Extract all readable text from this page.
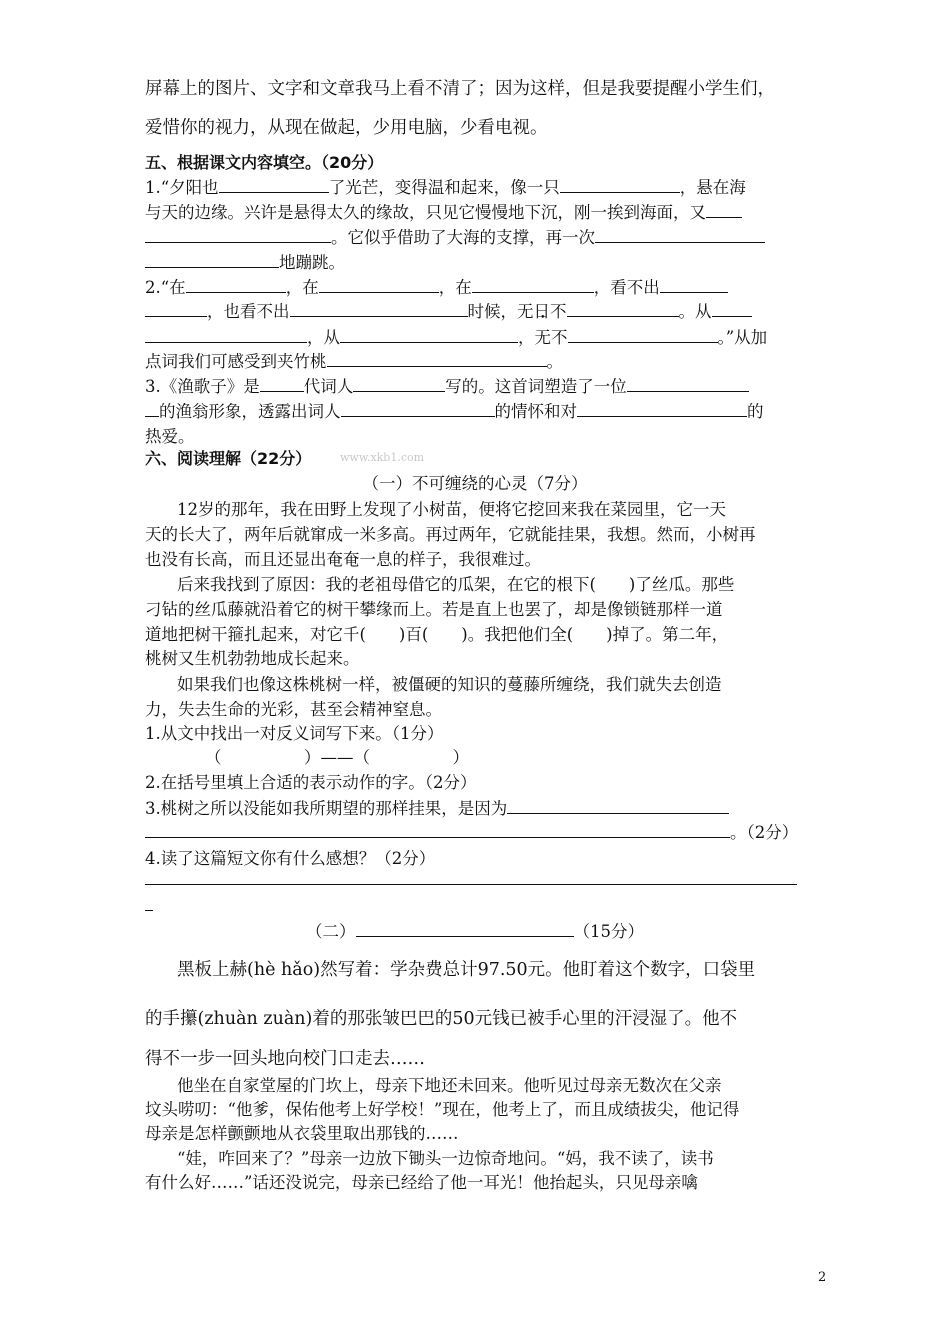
屏幕上的图片、文字和文章我马上看不清了；因为这样，但是我要提醒小学生们，
爱惜你的视力，从现在做起，少用电脑，少看电视。
五、根据课文内容填空。（20分）
1.“夕阳也	了光芒，变得温和起来，像一只	，悬在海
与天的边缘。兴许是悬得太久的缘故，只见它慢慢地下沉，刚一挨到海面，又
。它似乎借助了大海的支撑，再一次
地蹦跳。
2.“在	，在	，在	，看不出
，也看不出	时候，无日不	。从
，从•	，无不	。”从加
点词我们可感受到夹竹桃	。
3.《渔歌子》是	代词人	写的。这首词塑造了一位
的渔翁形象，透露出词人	的情怀和对	的
热爱。
六、阅读理解（22分）	www.xkb1.com
（一）不可缠绕的心灵（7分）
12岁的那年，我在田野上发现了小树苗，便将它挖回来我在菜园里，它一天
天的长大了，两年后就窜成一米多高。再过两年，它就能挂果，我想。然而，小树再
也没有长高，而且还显出奄奄一息的样子，我很难过。
后来我找到了原因：我的老祖母借它的瓜架，在它的根下(　　)了丝瓜。那些
刁钻的丝瓜藤就沿着它的树干攀缘而上。若是直上也罢了，却是像锁链那样一道
道地把树干箍扎起来，对它千(　　)百(　　)。我把他们全(　　)掉了。第二年，
桃树又生机勃勃地成长起来。
如果我们也像这株桃树一样，被僵硬的知识的蔓藤所缠绕，我们就失去创造
力，失去生命的光彩，甚至会精神窒息。
1.从文中找出一对反义词写下来。（1分）
（　　　　　）——（　　　　　）
2.在括号里填上合适的表示动作的字。（2分）
3.桃树之所以没能如我所期望的那样挂果，是因为
。（2分）
4.读了这篇短文你有什么感想？（2分）
（二）	（15分）
黑板上赫(hè hǎo)然写着：学杂费总计97.50元。他盯着这个数字，口袋里
的手攥(zhuàn zuàn)着的那张皱巴巴的50元钱已被手心里的汗浸湿了。他不
得不一步一回头地向校门口走去……
他坐在自家堂屋的门坎上，母亲下地还未回来。他听见过母亲无数次在父亲
坟头唠叨：“他爹，保佑他考上好学校！”现在，他考上了，而且成绩拔尖，他记得
母亲是怎样颤颤地从衣袋里取出那钱的……
“娃，咋回来了？”母亲一边放下锄头一边惊奇地问。“妈，我不读了，读书
有什么好……”话还没说完，母亲已经给了他一耳光！他抬起头，只见母亲噙
2
